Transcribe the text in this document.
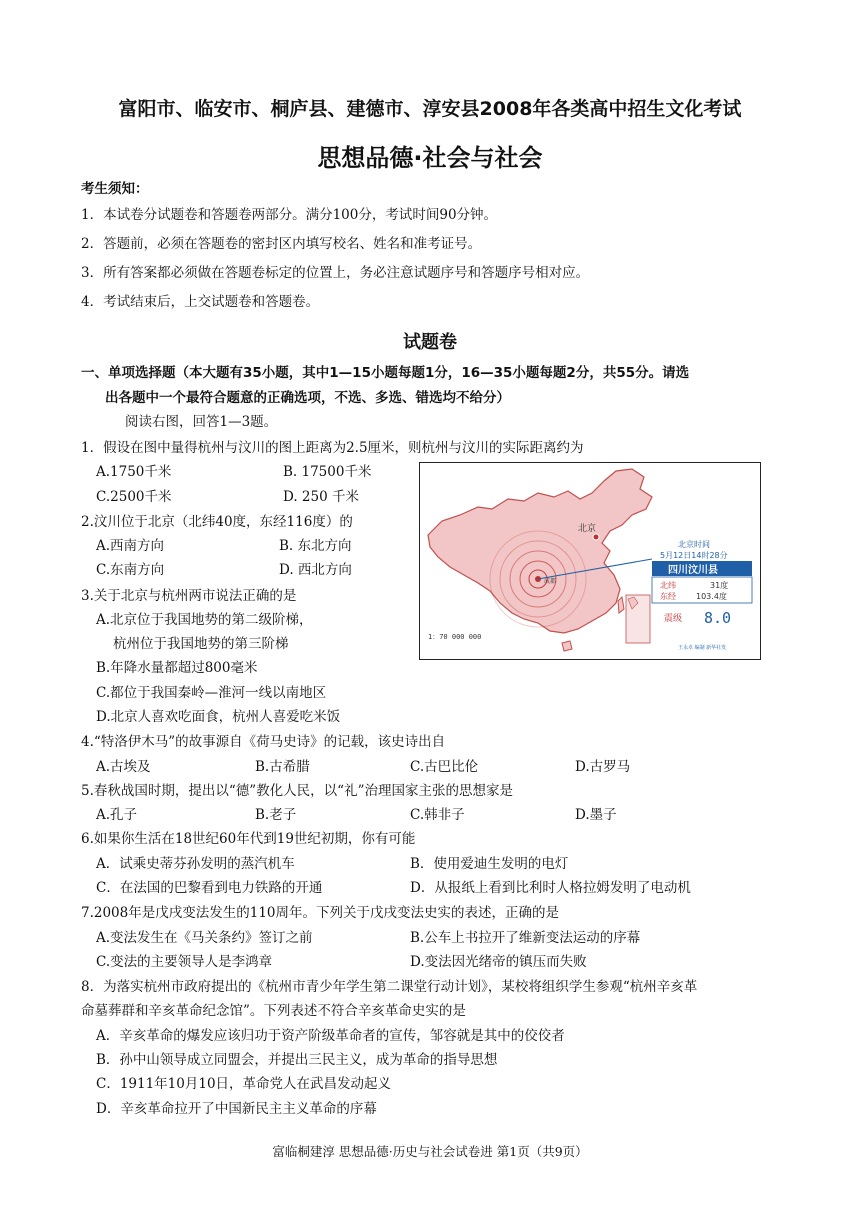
富阳市、临安市、桐庐县、建德市、淳安县2008年各类高中招生文化考试
思想品德·社会与社会
考生须知：
1．本试卷分试题卷和答题卷两部分。满分100分，考试时间90分钟。
2．答题前，必须在答题卷的密封区内填写校名、姓名和准考证号。
3．所有答案都必须做在答题卷标定的位置上，务必注意试题序号和答题序号相对应。
4．考试结束后，上交试题卷和答题卷。
试题卷
一、单项选择题（本大题有35小题，其中1—15小题每题1分，16—35小题每题2分，共55分。请选
出各题中一个最符合题意的正确选项，不选、多选、错选均不给分）
阅读右图，回答1—3题。
1．假设在图中量得杭州与汶川的图上距离为2.5厘米，则杭州与汶川的实际距离约为
A.1750千米	B. 17500千米
C.2500千米	D. 250 千米
2.汶川位于北京（北纬40度，东经116度）的
A.西南方向	B. 东北方向
C.东南方向	D. 西北方向
3.关于北京与杭州两市说法正确的是
A.北京位于我国地势的第二级阶梯，
杭州位于我国地势的第三阶梯
B.年降水量都超过800毫米
C.都位于我国秦岭—淮河一线以南地区
D.北京人喜欢吃面食，杭州人喜爱吃米饭
4.“特洛伊木马”的故事源自《荷马史诗》的记载，该史诗出自
A.古埃及	B.古希腊	C.古巴比伦	D.古罗马
5.春秋战国时期，提出以“德”教化人民，以“礼”治理国家主张的思想家是
A.孔子	B.老子	C.韩非子	D.墨子
6.如果你生活在18世纪60年代到19世纪初期，你有可能
A．试乘史蒂芬孙发明的蒸汽机车	B．使用爱迪生发明的电灯
C．在法国的巴黎看到电力铁路的开通	D．从报纸上看到比利时人格拉姆发明了电动机
7.2008年是戊戌变法发生的110周年。下列关于戊戌变法史实的表述，正确的是
A.变法发生在《马关条约》签订之前	B.公车上书拉开了维新变法运动的序幕
C.变法的主要领导人是李鸿章	D.变法因光绪帝的镇压而失败
8．为落实杭州市政府提出的《杭州市青少年学生第二课堂行动计划》，某校将组织学生参观“杭州辛亥革
命墓葬群和辛亥革命纪念馆”。下列表述不符合辛亥革命史实的是
A．辛亥革命的爆发应该归功于资产阶级革命者的宣传，邹容就是其中的佼佼者
B．孙中山领导成立同盟会，并提出三民主义，成为革命的指导思想
C．1911年10月10日，革命党人在武昌发动起义
D．辛亥革命拉开了中国新民主主义革命的序幕
北京
成都
北京时间
5月12日14时28分
四川汶川县
北纬	31度
东经	103.4度
震级 8.0
1：70 000 000
王永卓 编制 新华社发
富临桐建淳 思想品德·历史与社会试卷进 第1页（共9页）
